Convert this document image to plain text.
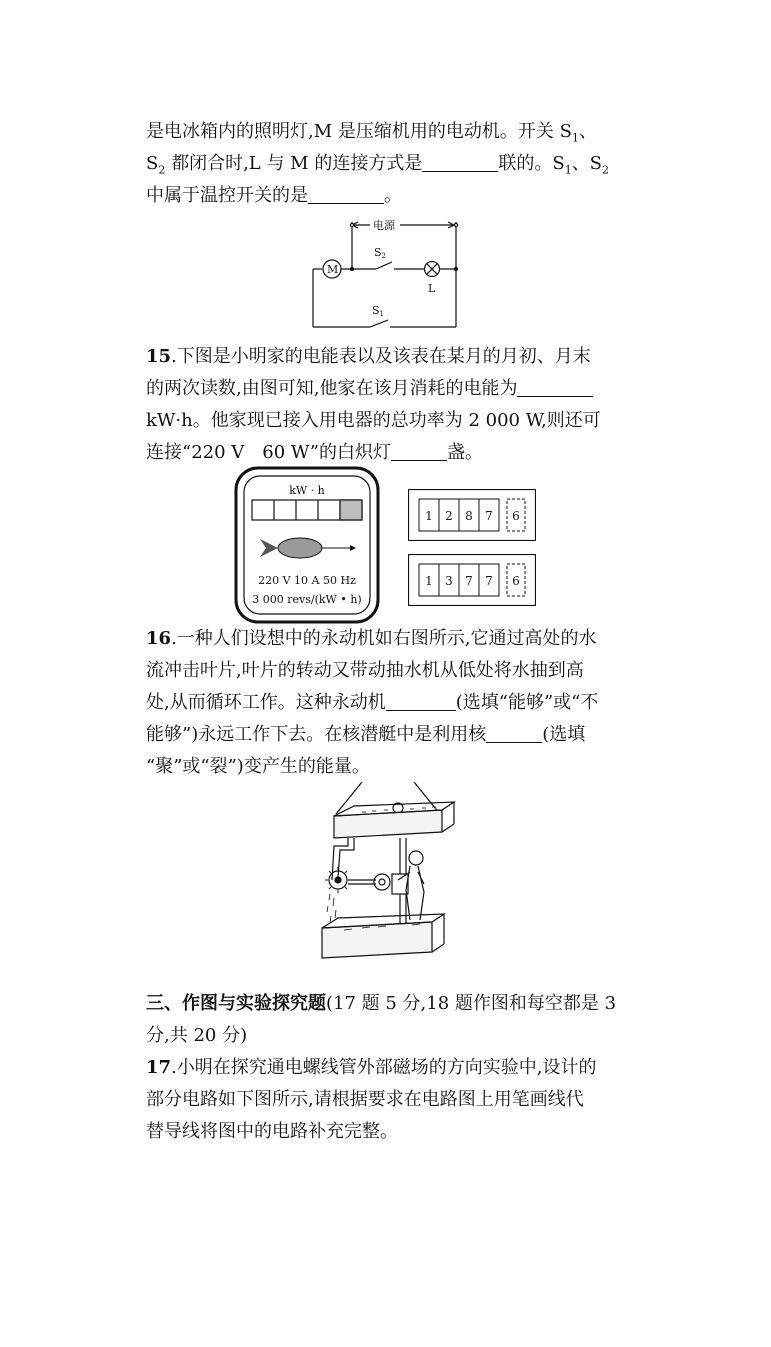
是电冰箱内的照明灯,M 是压缩机用的电动机。开关 $S_1$、

$S_2$ 都闭合时,L 与 M 的连接方式是	联的。$S_1$、$S_2$

中属于温控开关的是	。

电源
M
L
S2
S1

15.下图是小明家的电能表以及该表在某月的月初、月末

的两次读数,由图可知,他家在该月消耗的电能为

kW·h。他家现已接入用电器的总功率为 2 000 W,则还可

连接“220 V　60 W”的白炽灯	盏。

kW · h
220 V 10 A 50 Hz
3 000 revs/(kW • h)
1 2 8 7 6
1 3 7 7 6

16.一种人们设想中的永动机如右图所示,它通过高处的水

流冲击叶片,叶片的转动又带动抽水机从低处将水抽到高

处,从而循环工作。这种永动机	(选填“能够”或“不

能够”)永远工作下去。在核潜艇中是利用核	(选填

“聚”或“裂”)变产生的能量。

三、作图与实验探究题(17 题 5 分,18 题作图和每空都是 3

分,共 20 分)

17.小明在探究通电螺线管外部磁场的方向实验中,设计的

部分电路如下图所示,请根据要求在电路图上用笔画线代

替导线将图中的电路补充完整。
